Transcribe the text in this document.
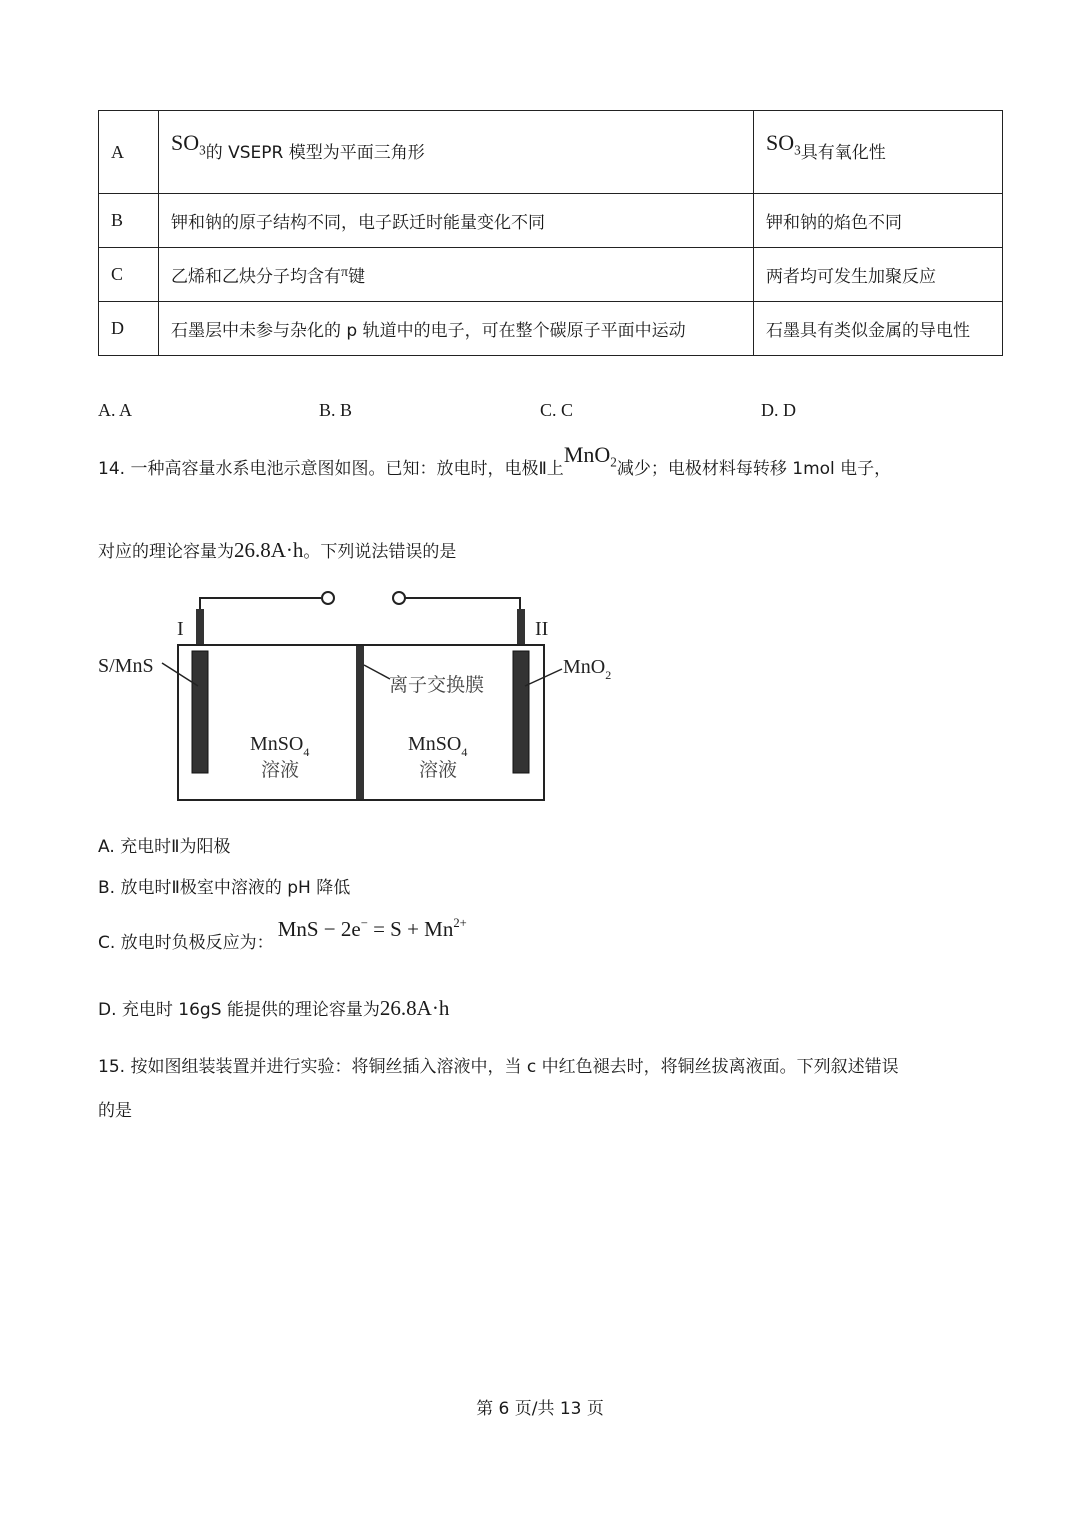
A	$SO_3$的 VSEPR 模型为平面三角形	$SO_3$具有氧化性
B	钾和钠的原子结构不同，电子跃迁时能量变化不同	钾和钠的焰色不同
C	乙烯和乙炔分子均含有$^\pi$键	两者均可发生加聚反应
D	石墨层中未参与杂化的 p 轨道中的电子，可在整个碳原子平面中运动	石墨具有类似金属的导电性
A. A	B. B	C. C	D. D
14. 一种高容量水系电池示意图如图。已知：放电时，电极Ⅱ上MnO$_2$减少；电极材料每转移 1mol 电子，
对应的理论容量为26.8A·h。下列说法错误的是
I	II
S/MnS	MnO$_2$
离子交换膜
MnSO$_4$
溶液
MnSO$_4$
溶液
A. 充电时Ⅱ为阳极
B. 放电时Ⅱ极室中溶液的 pH 降低
C. 放电时负极反应为：MnS − $2e^- = S + Mn^{2+}$
D. 充电时 16gS 能提供的理论容量为26.8A·h
15. 按如图组装装置并进行实验：将铜丝插入溶液中，当 c 中红色褪去时，将铜丝拔离液面。下列叙述错误
的是
第 6 页/共 13 页
